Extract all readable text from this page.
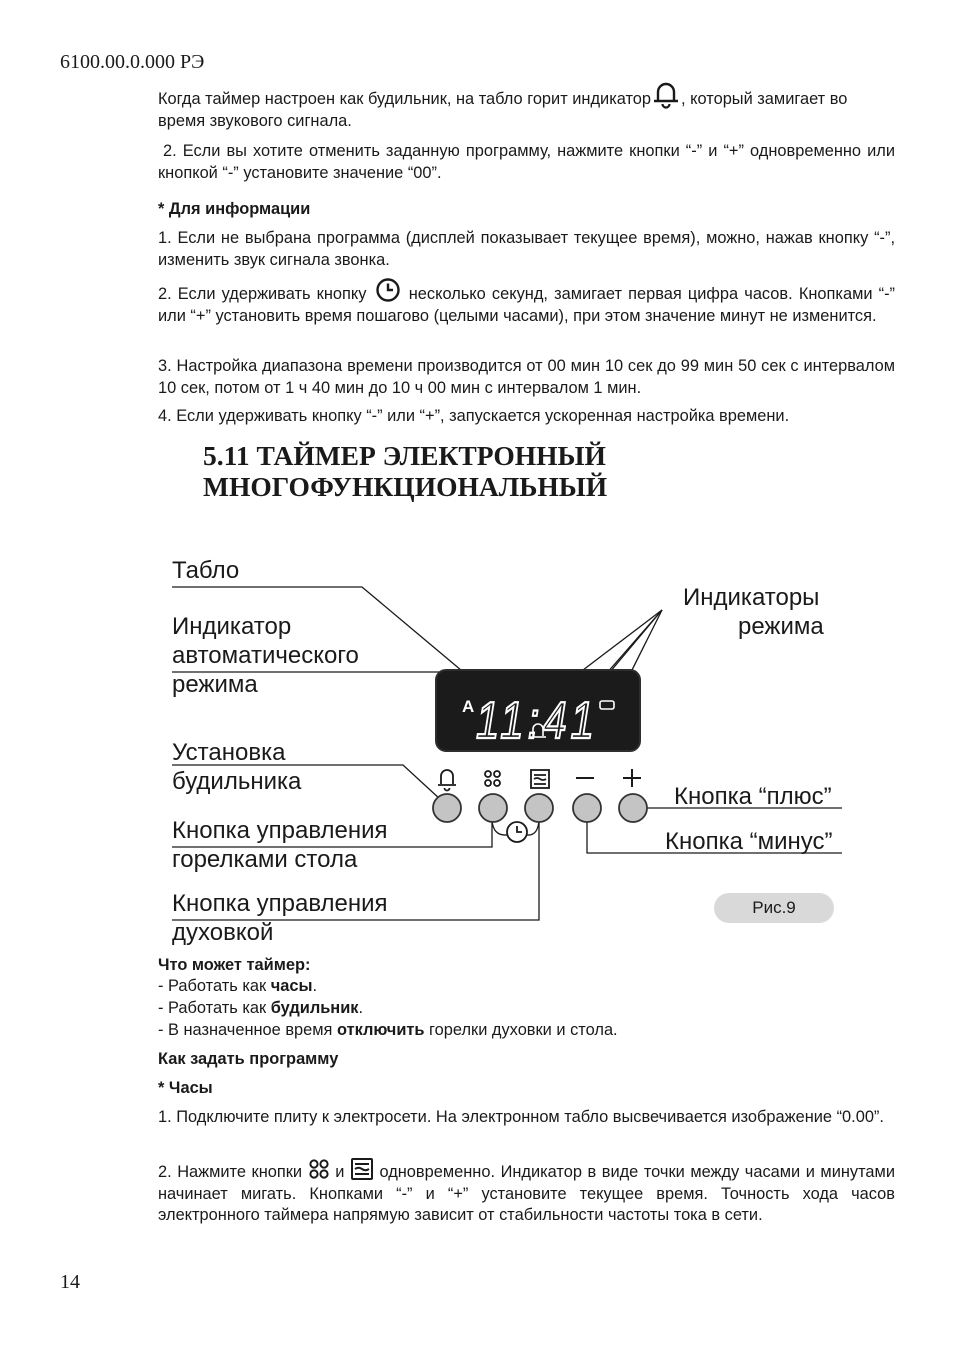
6100.00.0.000 РЭ

Когда таймер настроен как будильник, на табло горит индикатор , который замигает во время звукового сигнала.

2. Если вы хотите отменить заданную программу, нажмите кнопки “-” и “+” одновременно или кнопкой “-” установите значение “00”.

* Для информации

1. Если не выбрана программа (дисплей показывает текущее время), можно, нажав кнопку “-”, изменить звук сигнала звонка.

2. Если удерживать кнопку	несколько секунд, замигает первая цифра часов. Кнопками “-” или “+” установить время пошагово (целыми часами), при этом значение минут не изменится.

3. Настройка диапазона времени производится от 00 мин 10 сек до 99 мин 50 сек с интервалом 10 сек, потом от 1 ч 40 мин до 10 ч 00 мин с интервалом 1 мин.

4. Если удерживать кнопку “-” или “+”, запускается ускоренная настройка времени.

5.11 ТАЙМЕР ЭЛЕКТРОННЫЙ
МНОГОФУНКЦИОНАЛЬНЫЙ
A 11:41
Табло
Индикаторы
режима
Индикатор
автоматического
режима
Установка
будильника
Кнопка “плюс”
Кнопка “минус”
Кнопка управления
горелками стола
Кнопка управления
духовкой
Рис.9

Что может таймер:

- Работать как часы.

- Работать как будильник.

- В назначенное время отключить горелки духовки и стола.

Как задать программу

* Часы

1. Подключите плиту к электросети. На электронном табло высвечивается изображение “0.00”.

2. Нажмите кнопки и одновременно. Индикатор в виде точки между часами и минутами начинает мигать. Кнопками “-” и “+” установите текущее время. Точность хода часов электронного таймера напрямую зависит от стабильности частоты тока в сети.

14
